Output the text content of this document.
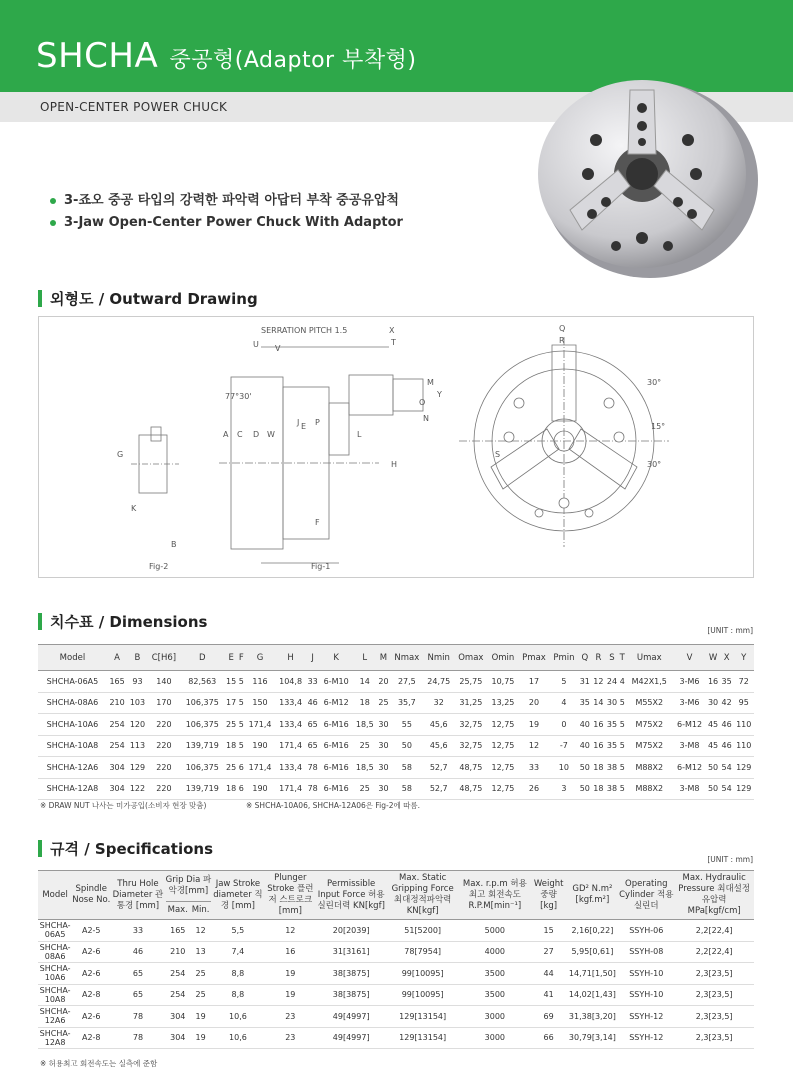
SHCHA 중공형(Adaptor 부착형)
OPEN-CENTER POWER CHUCK
3-죠오 중공 타입의 강력한 파악력 아답터 부착 중공유압척
3-Jaw Open-Center Power Chuck With Adaptor
외형도 / Outward Drawing
SERRATION PITCH 1.5
Fig-2	Fig-1
30°
15°
30°
77°30'
X
T
U V
Y
M
N
O
L
A C D W
E
G
H
P
K
F
J
B
Q
R
S
치수표 / Dimensions	[UNIT : mm]
Model	A	B	C[H6]	D	E	F	G	H	J	K	L	M	Nmax	Nmin	Omax	Omin	Pmax	Pmin	Q	R	S	T	Umax	V	W	X	Y
SHCHA-06A5	165	93	140	82,563	15	5	116	104,8	33	6-M10	14	20	27,5	24,75	25,75	10,75	17	5	31	12	24	4	M42X1,5	3-M6	16	35	72
SHCHA-08A6	210	103	170	106,375	17	5	150	133,4	46	6-M12	18	25	35,7	32	31,25	13,25	20	4	35	14	30	5	M55X2	3-M6	30	42	95
SHCHA-10A6	254	120	220	106,375	25	5	171,4	133,4	65	6-M16	18,5	30	55	45,6	32,75	12,75	19	0	40	16	35	5	M75X2	6-M12	45	46	110
SHCHA-10A8	254	113	220	139,719	18	5	190	171,4	65	6-M16	25	30	50	45,6	32,75	12,75	12	-7	40	16	35	5	M75X2	3-M8	45	46	110
SHCHA-12A6	304	129	220	106,375	25	6	171,4	133,4	78	6-M16	18,5	30	58	52,7	48,75	12,75	33	10	50	18	38	5	M88X2	6-M12	50	54	129
SHCHA-12A8	304	122	220	139,719	18	6	190	171,4	78	6-M16	25	30	58	52,7	48,75	12,75	26	3	50	18	38	5	M88X2	3-M8	50	54	129
※ DRAW NUT 나사는 미가공입(소비자 현장 맞춤)	※ SHCHA-10A06, SHCHA-12A06은 Fig-2에 따름.
규격 / Specifications
[UNIT : mm]
Model	Spindle Nose No.	Thru Hole Diameter 관통경 [mm]	Grip Dia 파악경[mm]		Jaw Stroke diameter 직경 [mm]	Plunger Stroke 플런저 스트로크 [mm]	Permissible Input Force 허용실린더력 KN[kgf]	Max. Static Gripping Force 최대정적파악력 KN[kgf]	Max. r.p.m 허용최고 회전속도 R.P.M[min⁻¹]	Weight 중량 [kg]	GD² N.m² [kgf.m²]	Operating Cylinder 적용 실린더	Max. Hydraulic Pressure 최대설정유압력 MPa[kgf/cm]
			Max.	Min.									
SHCHA-06A5	A2-5	33	165	12	5,5	12	20[2039]	51[5200]	5000	15	2,16[0,22]	SSYH-06	2,2[22,4]
SHCHA-08A6	A2-6	46	210	13	7,4	16	31[3161]	78[7954]	4000	27	5,95[0,61]	SSYH-08	2,2[22,4]
SHCHA-10A6	A2-6	65	254	25	8,8	19	38[3875]	99[10095]	3500	44	14,71[1,50]	SSYH-10	2,3[23,5]
SHCHA-10A8	A2-8	65	254	25	8,8	19	38[3875]	99[10095]	3500	41	14,02[1,43]	SSYH-10	2,3[23,5]
SHCHA-12A6	A2-6	78	304	19	10,6	23	49[4997]	129[13154]	3000	69	31,38[3,20]	SSYH-12	2,3[23,5]
SHCHA-12A8	A2-8	78	304	19	10,6	23	49[4997]	129[13154]	3000	66	30,79[3,14]	SSYH-12	2,3[23,5]
※ 허용최고 회전속도는 실측에 준함
